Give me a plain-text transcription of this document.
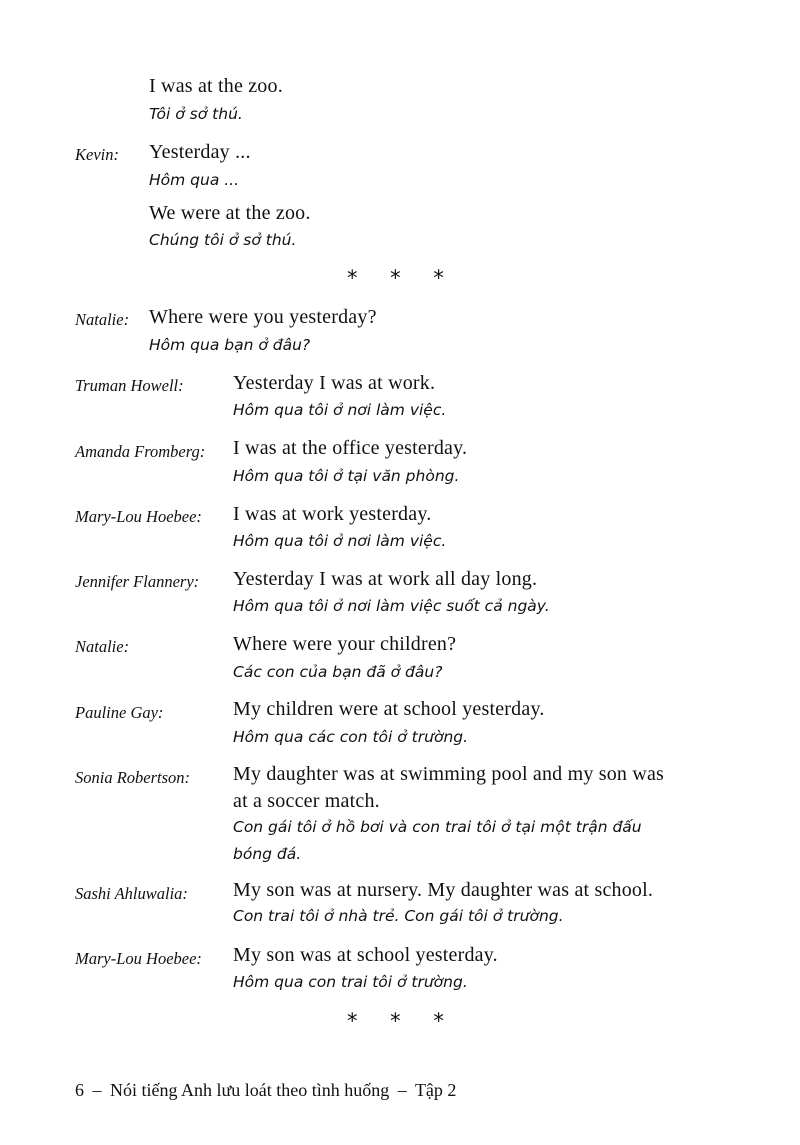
I was at the zoo.
Tôi ở sở thú.
Kevin: Yesterday ...
Hôm qua ...
We were at the zoo.
Chúng tôi ở sở thú.
* * *
Natalie: Where were you yesterday?
Hôm qua bạn ở đâu?
Truman Howell: Yesterday I was at work.
Hôm qua tôi ở nơi làm việc.
Amanda Fromberg: I was at the office yesterday.
Hôm qua tôi ở tại văn phòng.
Mary-Lou Hoebee: I was at work yesterday.
Hôm qua tôi ở nơi làm việc.
Jennifer Flannery: Yesterday I was at work all day long.
Hôm qua tôi ở nơi làm việc suốt cả ngày.
Natalie:	Where were your children?
Các con của bạn đã ở đâu?
Pauline Gay:	My children were at school yesterday.
Hôm qua các con tôi ở trường.
Sonia Robertson: My daughter was at swimming pool and my son was
at a soccer match.
Con gái tôi ở hồ bơi và con trai tôi ở tại một trận đấu
bóng đá.
Sashi Ahluwalia: My son was at nursery. My daughter was at school.
Con trai tôi ở nhà trẻ. Con gái tôi ở trường.
Mary-Lou Hoebee: My son was at school yesterday.
Hôm qua con trai tôi ở trường.
* * *
6 – Nói tiếng Anh lưu loát theo tình huống – Tập 2
